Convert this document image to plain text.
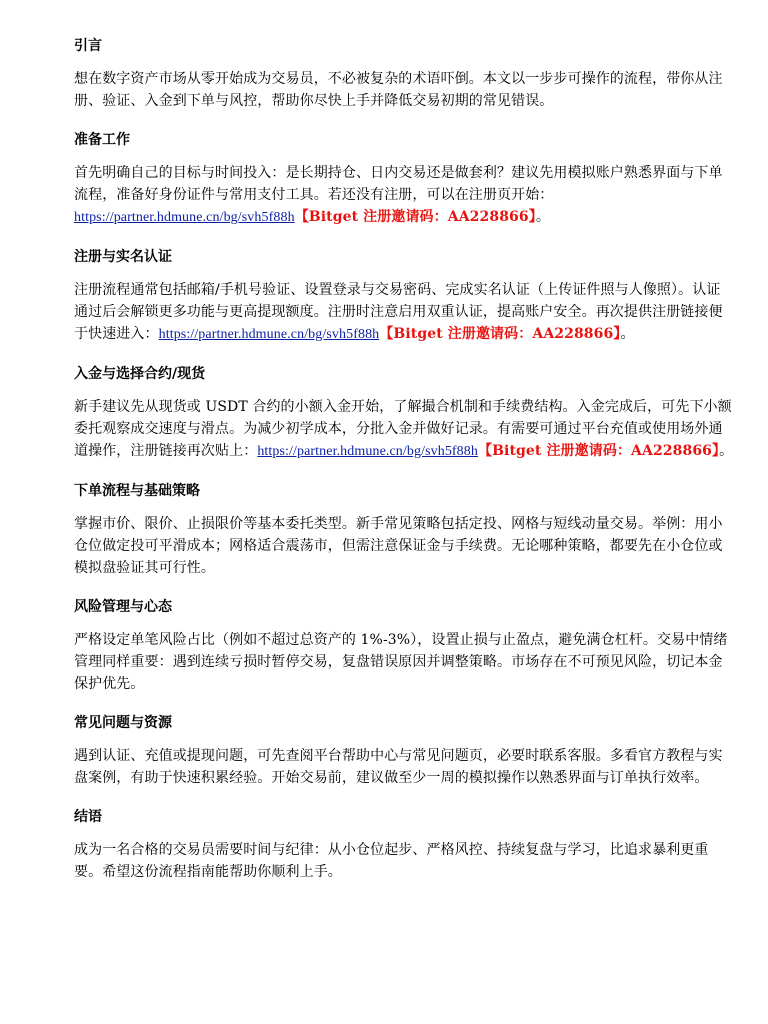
引言

想在数字资产市场从零开始成为交易员，不必被复杂的术语吓倒。本文以一步步可操作的流程，带你从注册、验证、入金到下单与风控，帮助你尽快上手并降低交易初期的常见错误。

准备工作

首先明确自己的目标与时间投入：是长期持仓、日内交易还是做套利？建议先用模拟账户熟悉界面与下单流程，准备好身份证件与常用支付工具。若还没有注册，可以在注册页开始：https://partner.hdmune.cn/bg/svh5f88h【Bitget 注册邀请码：AA228866】。

注册与实名认证

注册流程通常包括邮箱/手机号验证、设置登录与交易密码、完成实名认证（上传证件照与人像照）。认证通过后会解锁更多功能与更高提现额度。注册时注意启用双重认证，提高账户安全。再次提供注册链接便于快速进入：https://partner.hdmune.cn/bg/svh5f88h【Bitget 注册邀请码：AA228866】。

入金与选择合约/现货

新手建议先从现货或 USDT 合约的小额入金开始，了解撮合机制和手续费结构。入金完成后，可先下小额委托观察成交速度与滑点。为减少初学成本，分批入金并做好记录。有需要可通过平台充值或使用场外通道操作，注册链接再次贴上：https://partner.hdmune.cn/bg/svh5f88h【Bitget 注册邀请码：AA228866】。

下单流程与基础策略

掌握市价、限价、止损限价等基本委托类型。新手常见策略包括定投、网格与短线动量交易。举例：用小仓位做定投可平滑成本；网格适合震荡市，但需注意保证金与手续费。无论哪种策略，都要先在小仓位或模拟盘验证其可行性。

风险管理与心态

严格设定单笔风险占比（例如不超过总资产的 1%-3%），设置止损与止盈点，避免满仓杠杆。交易中情绪管理同样重要：遇到连续亏损时暂停交易，复盘错误原因并调整策略。市场存在不可预见风险，切记本金保护优先。

常见问题与资源

遇到认证、充值或提现问题，可先查阅平台帮助中心与常见问题页，必要时联系客服。多看官方教程与实盘案例，有助于快速积累经验。开始交易前，建议做至少一周的模拟操作以熟悉界面与订单执行效率。

结语

成为一名合格的交易员需要时间与纪律：从小仓位起步、严格风控、持续复盘与学习，比追求暴利更重要。希望这份流程指南能帮助你顺利上手。
